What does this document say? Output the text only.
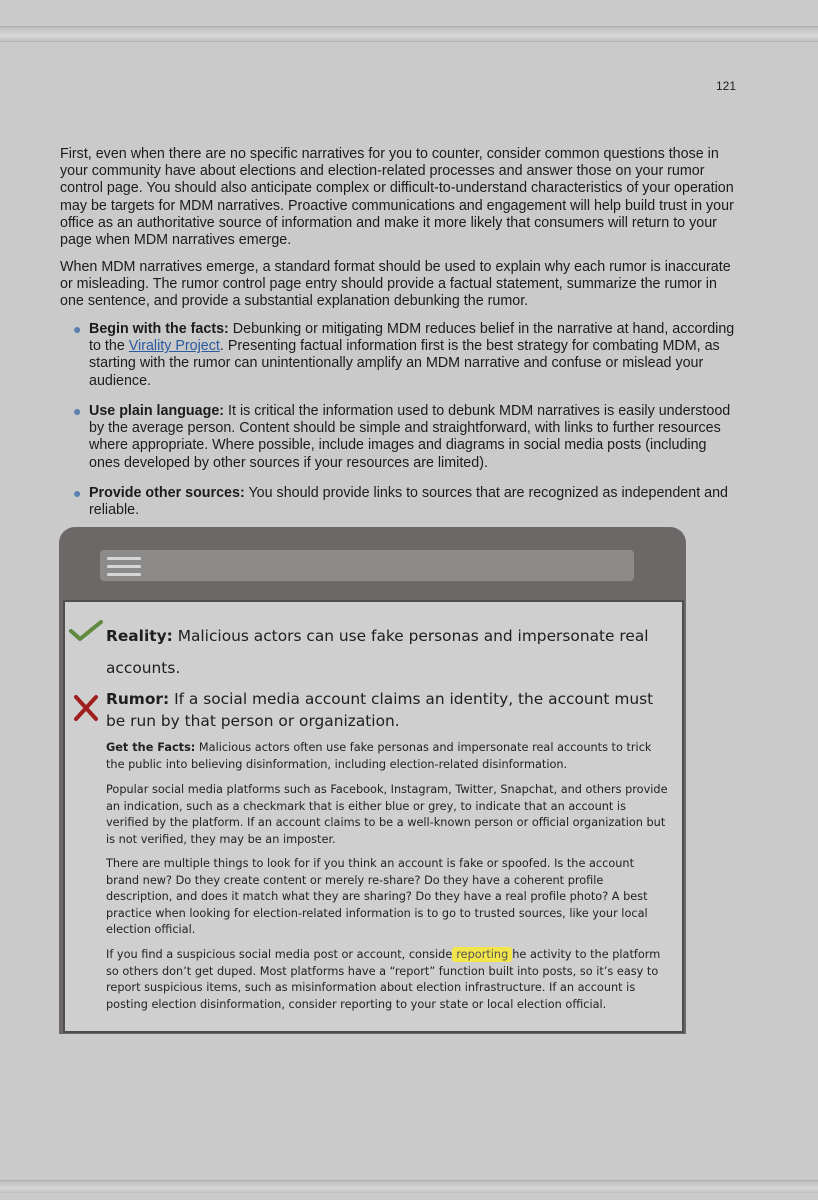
121

First, even when there are no specific narratives for you to counter, consider common questions those in your community have about elections and election-related processes and answer those on your rumor control page. You should also anticipate complex or difficult-to-understand characteristics of your operation may be targets for MDM narratives. Proactive communications and engagement will help build trust in your office as an authoritative source of information and make it more likely that consumers will return to your page when MDM narratives emerge.

When MDM narratives emerge, a standard format should be used to explain why each rumor is inaccurate or misleading. The rumor control page entry should provide a factual statement, summarize the rumor in one sentence, and provide a substantial explanation debunking the rumor.

● Begin with the facts: Debunking or mitigating MDM reduces belief in the narrative at hand, according to the Virality Project. Presenting factual information first is the best strategy for combating MDM, as starting with the rumor can unintentionally amplify an MDM narrative and confuse or mislead your audience.
● Use plain language: It is critical the information used to debunk MDM narratives is easily understood by the average person. Content should be simple and straightforward, with links to further resources where appropriate. Where possible, include images and diagrams in social media posts (including ones developed by other sources if your resources are limited).
● Provide other sources: You should provide links to sources that are recognized as independent and reliable.

Reality: Malicious actors can use fake personas and impersonate real accounts.

Rumor: If a social media account claims an identity, the account must be run by that person or organization.

Get the Facts: Malicious actors often use fake personas and impersonate real accounts to trick the public into believing disinformation, including election-related disinformation.

Popular social media platforms such as Facebook, Instagram, Twitter, Snapchat, and others provide an indication, such as a checkmark that is either blue or grey, to indicate that an account is verified by the platform. If an account claims to be a well-known person or official organization but is not verified, they may be an imposter.

There are multiple things to look for if you think an account is fake or spoofed. Is the account brand new? Do they create content or merely re-share? Do they have a coherent profile description, and does it match what they are sharing? Do they have a real profile photo? A best practice when looking for election-related information is to go to trusted sources, like your local election official.

If you find a suspicious social media post or account, conside reporting he activity to the platform so others don’t get duped. Most platforms have a “report” function built into posts, so it’s easy to report suspicious items, such as misinformation about election infrastructure. If an account is posting election disinformation, consider reporting to your state or local election official.
